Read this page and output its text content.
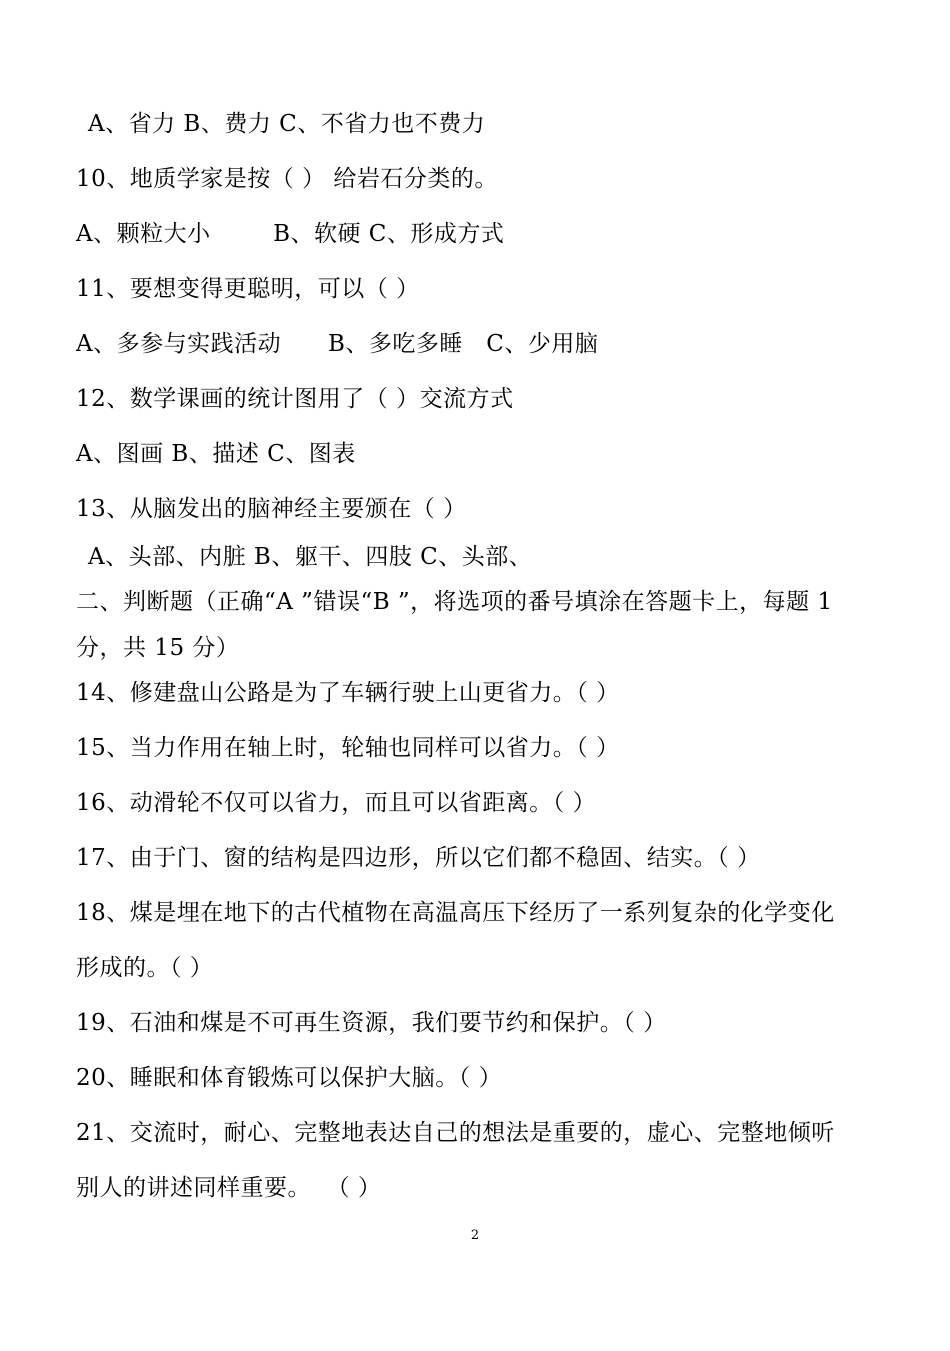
A、省力 B、费力 C、不省力也不费力
10、地质学家是按（ ） 给岩石分类的。
A、颗粒大小        B、软硬 C、形成方式
11、要想变得更聪明，可以（ ）
A、多参与实践活动      B、多吃多睡   C、少用脑
12、数学课画的统计图用了（ ）交流方式
A、图画 B、描述 C、图表
13、从脑发出的脑神经主要颁在（ ）
A、头部、内脏 B、躯干、四肢 C、头部、
二、判断题（正确“A ”错误“B ”，将选项的番号填涂在答题卡上，每题 1
分，共 15 分）
14、修建盘山公路是为了车辆行驶上山更省力。（ ）
15、当力作用在轴上时，轮轴也同样可以省力。（ ）
16、动滑轮不仅可以省力，而且可以省距离。（ ）
17、由于门、窗的结构是四边形，所以它们都不稳固、结实。（ ）
18、煤是埋在地下的古代植物在高温高压下经历了一系列复杂的化学变化
形成的。（ ）
19、石油和煤是不可再生资源，我们要节约和保护。（ ）
20、睡眠和体育锻炼可以保护大脑。（ ）
21、交流时，耐心、完整地表达自己的想法是重要的，虚心、完整地倾听
别人的讲述同样重要。  （ ）
2
